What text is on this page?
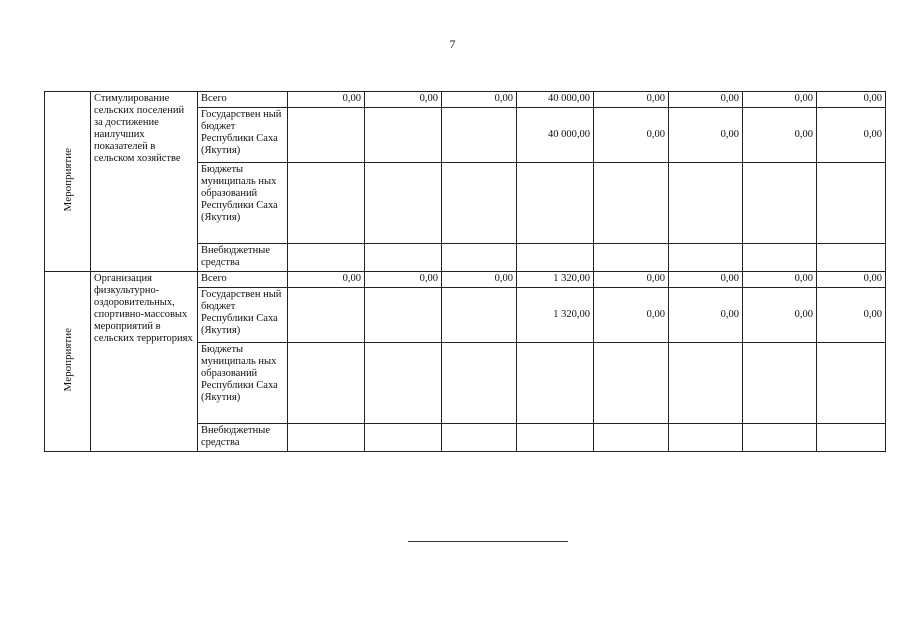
7
Мероприятие	Стимулирование сельских поселений за достижение наилучших показателей в сельском хозяйстве	Всего	0,00	0,00	0,00	40 000,00	0,00	0,00	0,00	0,00
		Государствен ный бюджет Республики Саха (Якутия)				40 000,00	0,00	0,00	0,00	0,00
		Бюджеты муниципаль ных образований Республики Саха (Якутия)								
		Внебюджетные средства								
Мероприятие	Организация физкультурно-оздоровительных, спортивно-массовых мероприятий в сельских территориях	Всего	0,00	0,00	0,00	1 320,00	0,00	0,00	0,00	0,00
		Государствен ный бюджет Республики Саха (Якутия)				1 320,00	0,00	0,00	0,00	0,00
		Бюджеты муниципаль ных образований Республики Саха (Якутия)								
		Внебюджетные средства								
